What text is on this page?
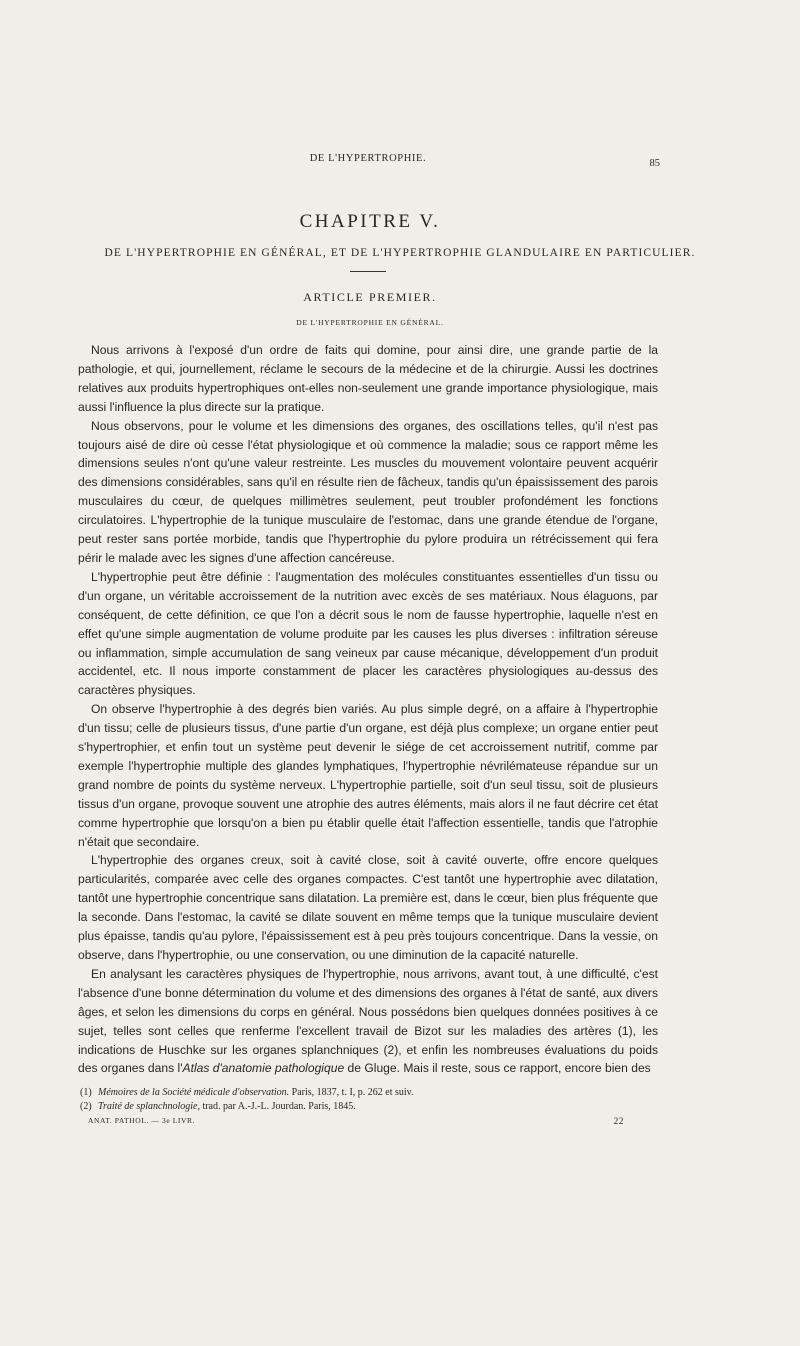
DE L'HYPERTROPHIE.	85
CHAPITRE V.
DE L'HYPERTROPHIE EN GÉNÉRAL, ET DE L'HYPERTROPHIE GLANDULAIRE EN PARTICULIER.
ARTICLE PREMIER.
DE L'HYPERTROPHIE EN GÉNÉRAL.

Nous arrivons à l'exposé d'un ordre de faits qui domine, pour ainsi dire, une grande partie de la pathologie, et qui, journellement, réclame le secours de la médecine et de la chirurgie. Aussi les doctrines relatives aux produits hypertrophiques ont-elles non-seulement une grande importance physiologique, mais aussi l'influence la plus directe sur la pratique.

Nous observons, pour le volume et les dimensions des organes, des oscillations telles, qu'il n'est pas toujours aisé de dire où cesse l'état physiologique et où commence la maladie; sous ce rapport même les dimensions seules n'ont qu'une valeur restreinte. Les muscles du mouvement volontaire peuvent acquérir des dimensions considérables, sans qu'il en résulte rien de fâcheux, tandis qu'un épaississement des parois musculaires du cœur, de quelques millimètres seulement, peut troubler profondément les fonctions circulatoires. L'hypertrophie de la tunique musculaire de l'estomac, dans une grande étendue de l'organe, peut rester sans portée morbide, tandis que l'hypertrophie du pylore produira un rétrécissement qui fera périr le malade avec les signes d'une affection cancéreuse.

L'hypertrophie peut être définie : l'augmentation des molécules constituantes essentielles d'un tissu ou d'un organe, un véritable accroissement de la nutrition avec excès de ses matériaux. Nous élaguons, par conséquent, de cette définition, ce que l'on a décrit sous le nom de fausse hypertrophie, laquelle n'est en effet qu'une simple augmentation de volume produite par les causes les plus diverses : infiltration séreuse ou inflammation, simple accumulation de sang veineux par cause mécanique, développement d'un produit accidentel, etc. Il nous importe constamment de placer les caractères physiologiques au-dessus des caractères physiques.

On observe l'hypertrophie à des degrés bien variés. Au plus simple degré, on a affaire à l'hypertrophie d'un tissu; celle de plusieurs tissus, d'une partie d'un organe, est déjà plus complexe; un organe entier peut s'hypertrophier, et enfin tout un système peut devenir le siége de cet accroissement nutritif, comme par exemple l'hypertrophie multiple des glandes lymphatiques, l'hypertrophie névrilémateuse répandue sur un grand nombre de points du système nerveux. L'hypertrophie partielle, soit d'un seul tissu, soit de plusieurs tissus d'un organe, provoque souvent une atrophie des autres éléments, mais alors il ne faut décrire cet état comme hypertrophie que lorsqu'on a bien pu établir quelle était l'affection essentielle, tandis que l'atrophie n'était que secondaire.

L'hypertrophie des organes creux, soit à cavité close, soit à cavité ouverte, offre encore quelques particularités, comparée avec celle des organes compactes. C'est tantôt une hypertrophie avec dilatation, tantôt une hypertrophie concentrique sans dilatation. La première est, dans le cœur, bien plus fréquente que la seconde. Dans l'estomac, la cavité se dilate souvent en même temps que la tunique musculaire devient plus épaisse, tandis qu'au pylore, l'épaississement est à peu près toujours concentrique. Dans la vessie, on observe, dans l'hypertrophie, ou une conservation, ou une diminution de la capacité naturelle.

En analysant les caractères physiques de l'hypertrophie, nous arrivons, avant tout, à une difficulté, c'est l'absence d'une bonne détermination du volume et des dimensions des organes à l'état de santé, aux divers âges, et selon les dimensions du corps en général. Nous possédons bien quelques données positives à ce sujet, telles sont celles que renferme l'excellent travail de Bizot sur les maladies des artères (1), les indications de Huschke sur les organes splanchniques (2), et enfin les nombreuses évaluations du poids des organes dans l'Atlas d'anatomie pathologique de Gluge. Mais il reste, sous ce rapport, encore bien des

(1) Mémoires de la Société médicale d'observation. Paris, 1837, t. I, p. 262 et suiv.

(2) Traité de splanchnologie, trad. par A.-J.-L. Jourdan. Paris, 1845.

ANAT. PATHOL. — 3e LIVR.	22
